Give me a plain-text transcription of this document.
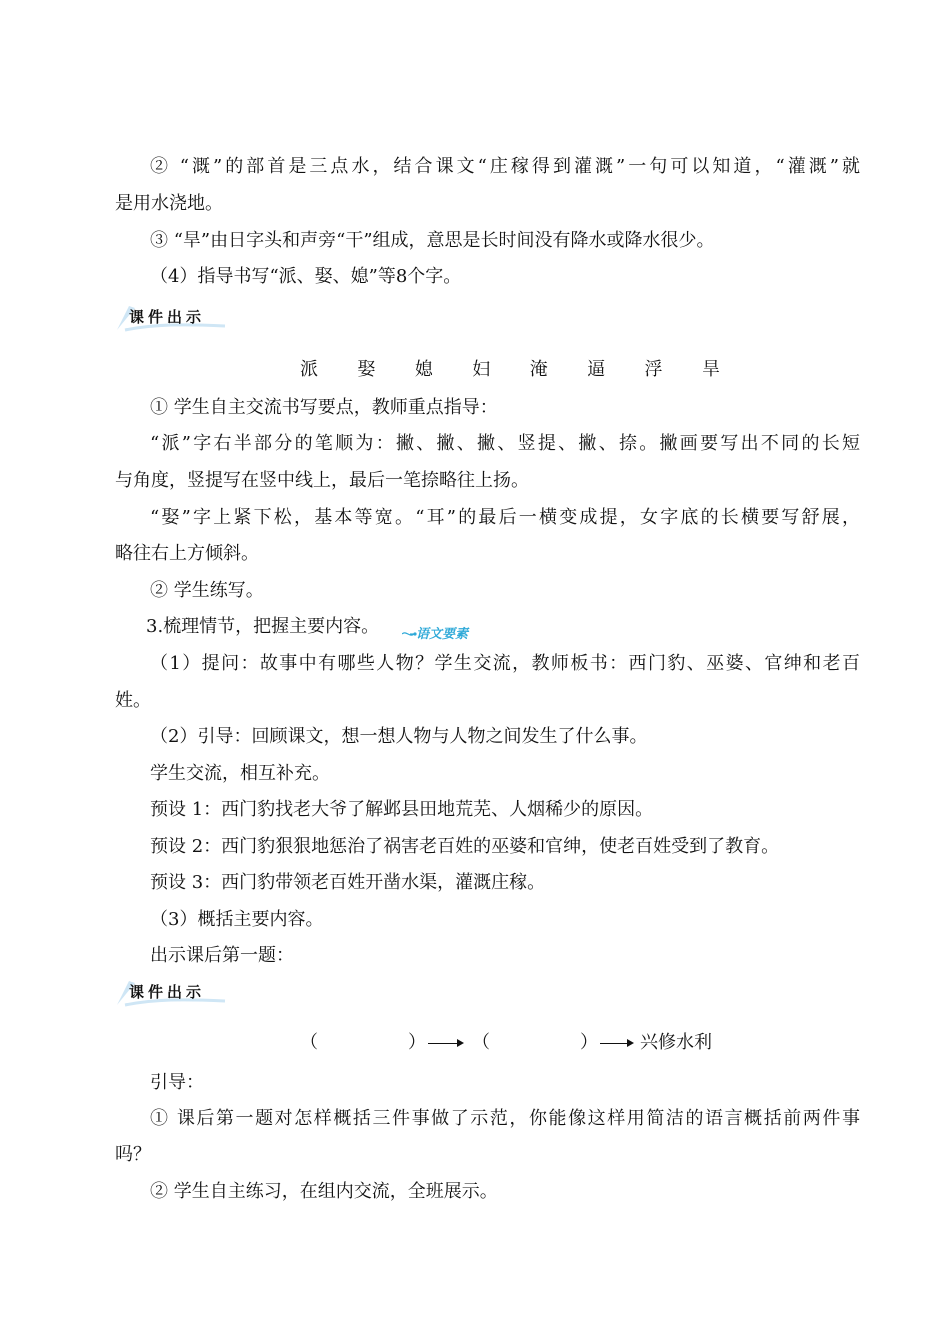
② “溉”的部首是三点水，结合课文“庄稼得到灌溉”一句可以知道，“灌溉”就
是用水浇地。
③ “旱”由日字头和声旁“干”组成，意思是长时间没有降水或降水很少。
（4）指导书写“派、娶、媳”等8个字。
课件出示
派 娶 媳 妇 淹 逼 浮 旱
① 学生自主交流书写要点，教师重点指导：
“派”字右半部分的笔顺为：撇、撇、撇、竖提、撇、捺。撇画要写出不同的长短
与角度，竖提写在竖中线上，最后一笔捺略往上扬。
“娶”字上紧下松，基本等宽。“耳”的最后一横变成提，女字底的长横要写舒展，
略往右上方倾斜。
② 学生练写。
3.梳理情节，把握主要内容。	语文要素
（1）提问：故事中有哪些人物？学生交流，教师板书：西门豹、巫婆、官绅和老百
姓。
（2）引导：回顾课文，想一想人物与人物之间发生了什么事。
学生交流，相互补充。
预设 1：西门豹找老大爷了解邺县田地荒芜、人烟稀少的原因。
预设 2：西门豹狠狠地惩治了祸害老百姓的巫婆和官绅，使老百姓受到了教育。
预设 3：西门豹带领老百姓开凿水渠，灌溉庄稼。
（3）概括主要内容。
出示课后第一题：
课件出示
（	）	（	） 兴修水利
引导：
① 课后第一题对怎样概括三件事做了示范，你能像这样用简洁的语言概括前两件事
吗？
② 学生自主练习，在组内交流，全班展示。
